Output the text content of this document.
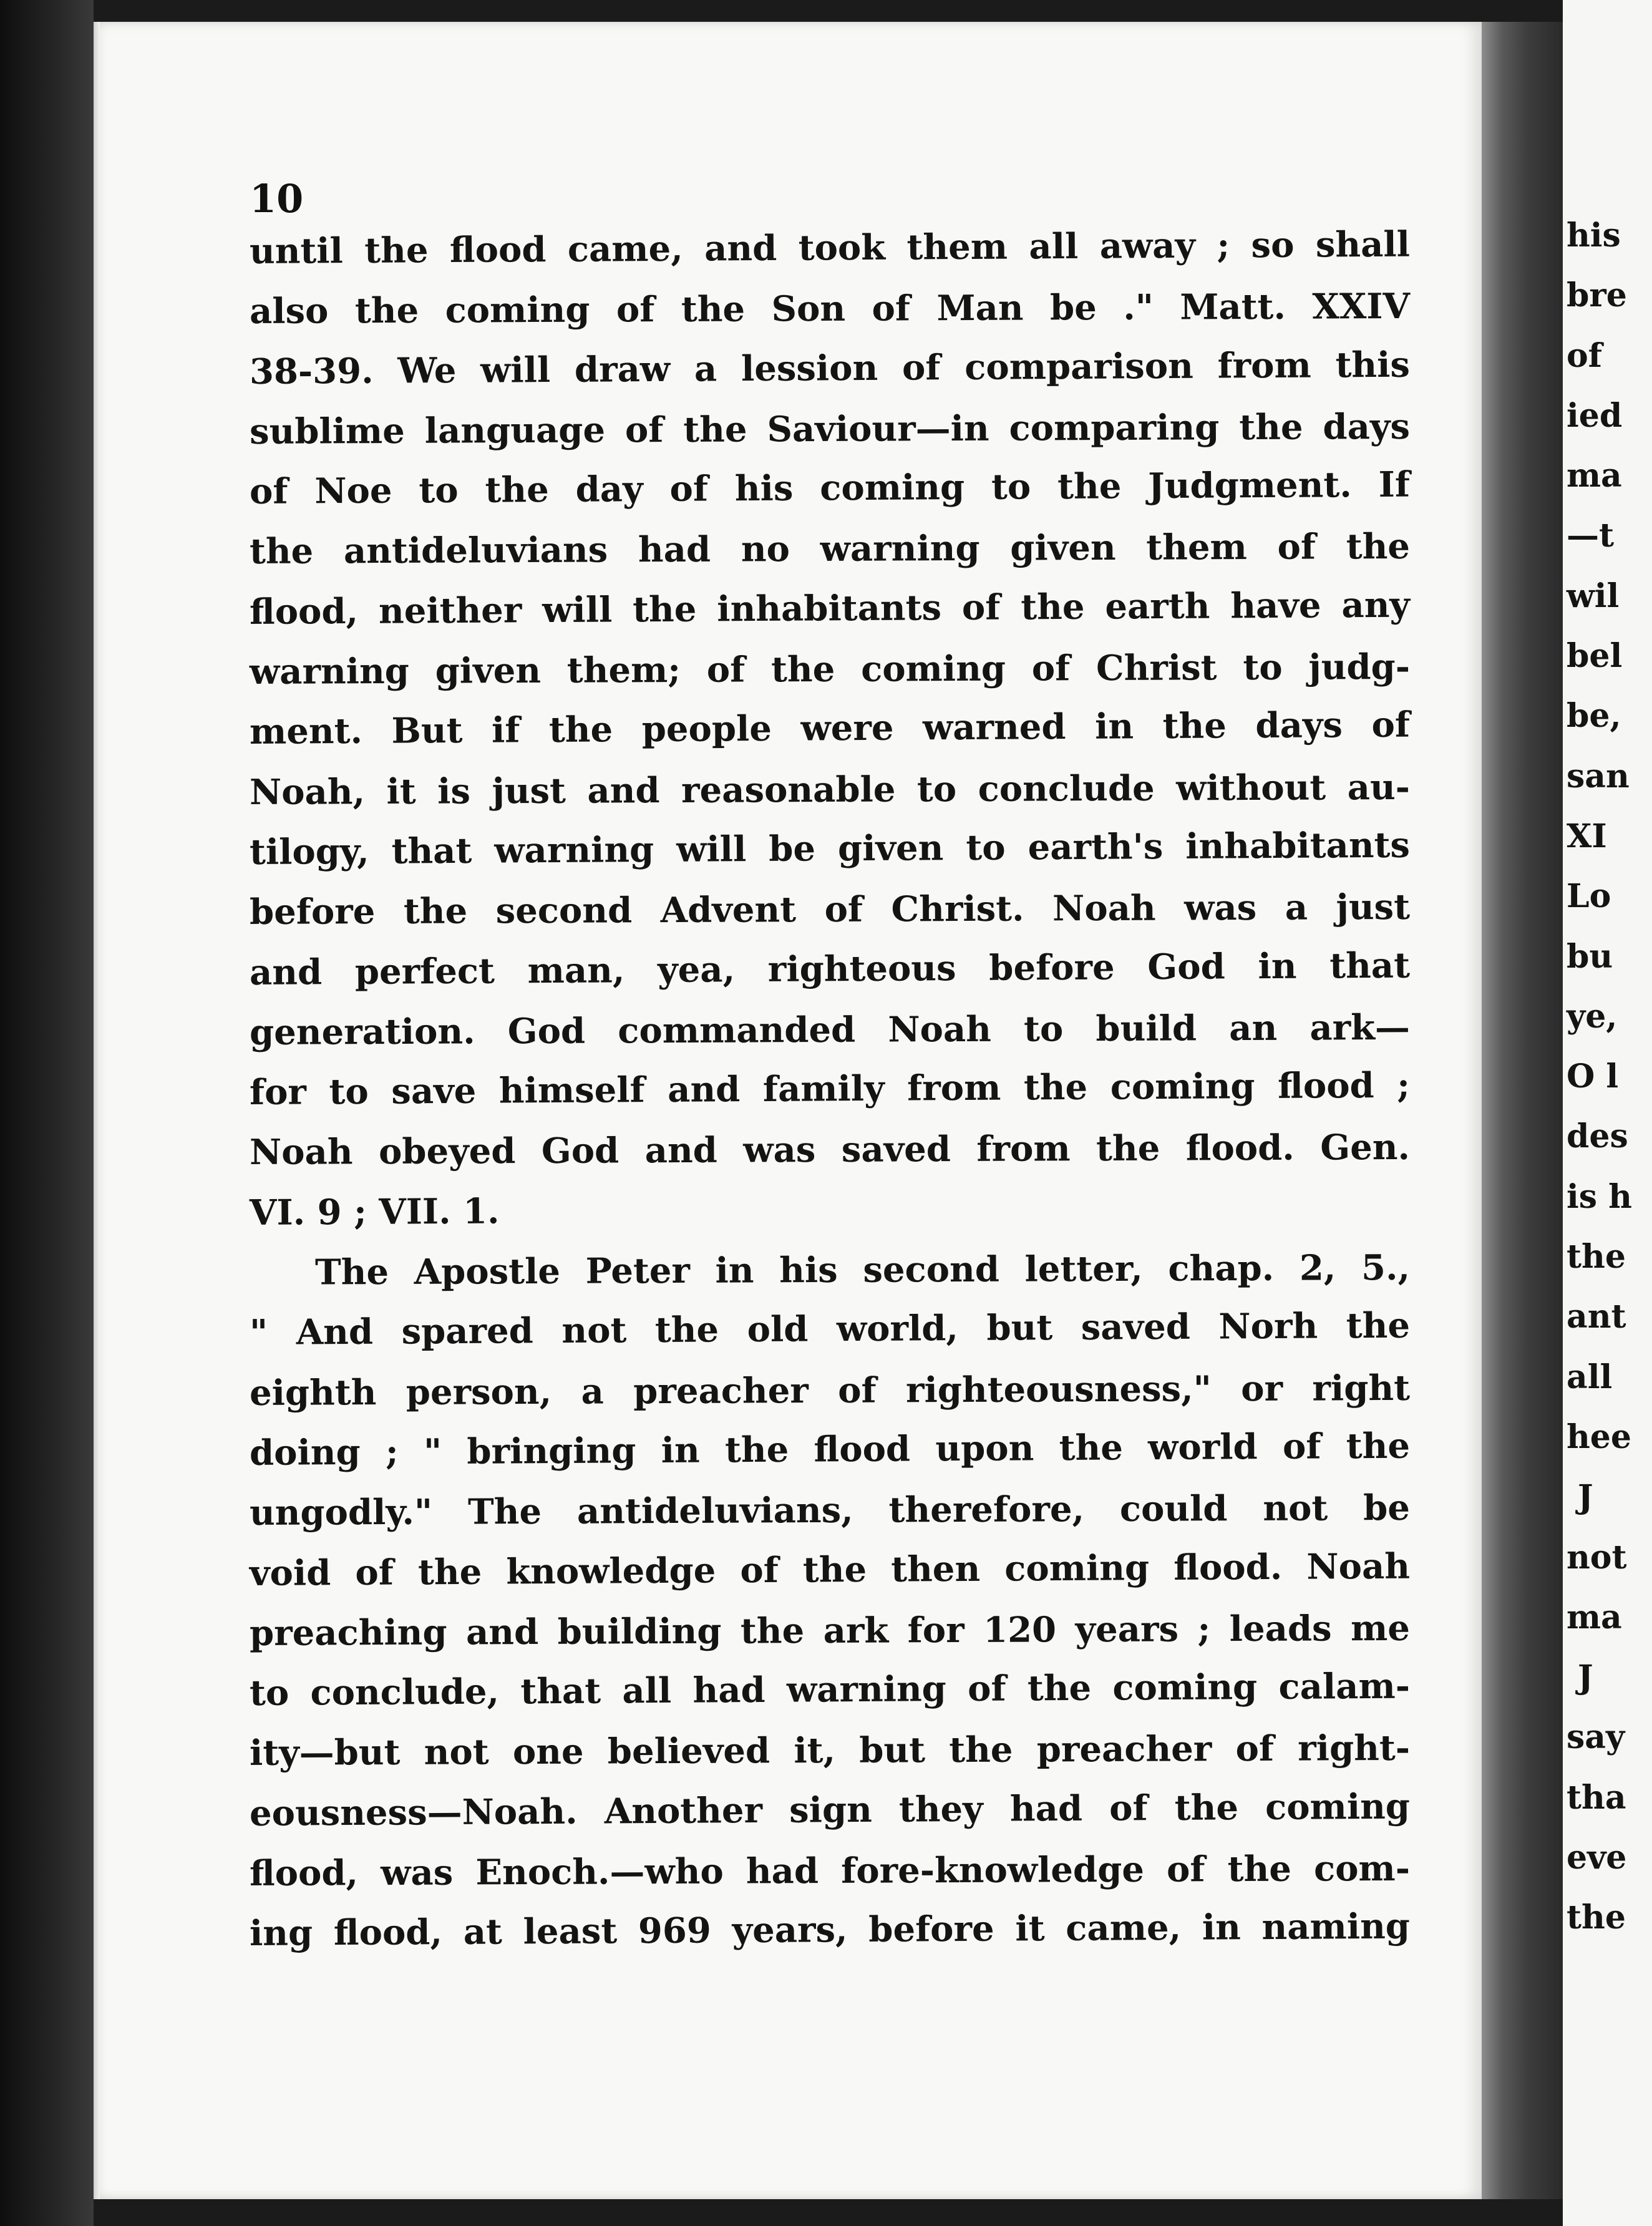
10
until the flood came, and took them all away ; so shall
also the coming of the Son of Man be ." Matt. XXIV
38-39. We will draw a lession of comparison from this
sublime language of the Saviour—in comparing the days
of Noe to the day of his coming to the Judgment. If
the antideluvians had no warning given them of the
flood, neither will the inhabitants of the earth have any
warning given them; of the coming of Christ to judg-
ment. But if the people were warned in the days of
Noah, it is just and reasonable to conclude without au-
tilogy, that warning will be given to earth's inhabitants
before the second Advent of Christ. Noah was a just
and perfect man, yea, righteous before God in that
generation. God commanded Noah to build an ark—
for to save himself and family from the coming flood ;
Noah obeyed God and was saved from the flood. Gen.
VI. 9 ; VII. 1.
The Apostle Peter in his second letter, chap. 2, 5.,
" And spared not the old world, but saved Norh the
eighth person, a preacher of righteousness," or right
doing ; " bringing in the flood upon the world of the
ungodly." The antideluvians, therefore, could not be
void of the knowledge of the then coming flood. Noah
preaching and building the ark for 120 years ; leads me
to conclude, that all had warning of the coming calam-
ity—but not one believed it, but the preacher of right-
eousness—Noah. Another sign they had of the coming
flood, was Enoch.—who had fore-knowledge of the com-
ing flood, at least 969 years, before it came, in naming
his
bre
of
ied
ma
—t
wil
bel
be,
san
XI
Lo
bu
ye,
O l
des
is h
the
ant
all
hee
J
not
ma
J
say
tha
eve
the
